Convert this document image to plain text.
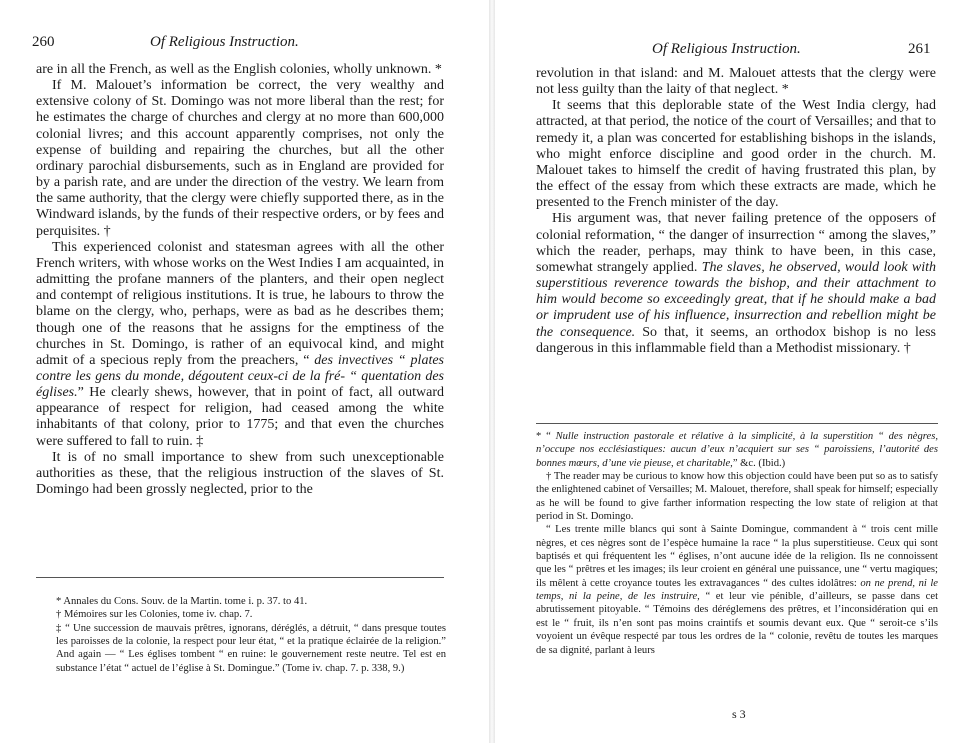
260	Of Religious Instruction.

are in all the French, as well as the English colonies, wholly unknown. *

If M. Malouet’s information be correct, the very wealthy and extensive colony of St. Domingo was not more liberal than the rest; for he estimates the charge of churches and clergy at no more than 600,000 colonial livres; and this account apparently comprises, not only the expense of building and repairing the churches, but all the other ordinary parochial disbursements, such as in England are provided for by a parish rate, and are under the direction of the vestry. We learn from the same authority, that the clergy were chiefly supported there, as in the Windward islands, by the funds of their respective orders, or by fees and perquisites. †

This experienced colonist and statesman agrees with all the other French writers, with whose works on the West Indies I am acquainted, in admitting the profane manners of the planters, and their open neglect and contempt of religious institutions. It is true, he labours to throw the blame on the clergy, who, perhaps, were as bad as he describes them; though one of the reasons that he assigns for the emptiness of the churches in St. Domingo, is rather of an equivocal kind, and might admit of a specious reply from the preachers, “ des invectives “ plates contre les gens du monde, dégoutent ceux-ci de la fré- “ quentation des églises.” He clearly shews, however, that in point of fact, all outward appearance of respect for religion, had ceased among the white inhabitants of that colony, prior to 1775; and that even the churches were suffered to fall to ruin. ‡

It is of no small importance to shew from such unexceptionable authorities as these, that the religious instruction of the slaves of St. Domingo had been grossly neglected, prior to the

* Annales du Cons. Souv. de la Martin. tome i. p. 37. to 41.

† Mémoires sur les Colonies, tome iv. chap. 7.

‡ “ Une succession de mauvais prêtres, ignorans, déréglés, a détruit, “ dans presque toutes les paroisses de la colonie, la respect pour leur état, “ et la pratique éclairée de la religion.” And again — “ Les églises tombent “ en ruine: le gouvernement reste neutre. Tel est en substance l’état “ actuel de l’église à St. Domingue.” (Tome iv. chap. 7. p. 338, 9.)

Of Religious Instruction.	261

revolution in that island: and M. Malouet attests that the clergy were not less guilty than the laity of that neglect. *

It seems that this deplorable state of the West India clergy, had attracted, at that period, the notice of the court of Versailles; and that to remedy it, a plan was concerted for establishing bishops in the islands, who might enforce discipline and good order in the church. M. Malouet takes to himself the credit of having frustrated this plan, by the effect of the essay from which these extracts are made, which he presented to the French minister of the day.

His argument was, that never failing pretence of the opposers of colonial reformation, “ the danger of insurrection “ among the slaves,” which the reader, perhaps, may think to have been, in this case, somewhat strangely applied. The slaves, he observed, would look with superstitious reverence towards the bishop, and their attachment to him would become so exceedingly great, that if he should make a bad or imprudent use of his influence, insurrection and rebellion might be the consequence. So that, it seems, an orthodox bishop is no less dangerous in this inflammable field than a Methodist missionary. †

* “ Nulle instruction pastorale et rélative à la simplicité, à la superstition “ des nègres, n’occupe nos ecclésiastiques: aucun d’eux n’acquiert sur ses “ paroissiens, l’autorité des bonnes mœurs, d’une vie pieuse, et charitable,” &c. (Ibid.)

† The reader may be curious to know how this objection could have been put so as to satisfy the enlightened cabinet of Versailles; M. Malouet, therefore, shall speak for himself; especially as he will be found to give farther information respecting the low state of religion at that period in St. Domingo.

“ Les trente mille blancs qui sont à Sainte Domingue, commandent à “ trois cent mille nègres, et ces nègres sont de l’espèce humaine la race “ la plus superstitieuse. Ceux qui sont baptisés et qui fréquentent les “ églises, n’ont aucune idée de la religion. Ils ne connoissent que les “ prêtres et les images; ils leur croient en général une puissance, une “ vertu magiques; ils mêlent à cette croyance toutes les extravagances “ des cultes idolâtres: on ne prend, ni le temps, ni la peine, de les instruire, “ et leur vie pénible, d’ailleurs, se passe dans cet abrutissement pitoyable. “ Témoins des déréglemens des prêtres, et l’inconsidération qui en est le “ fruit, ils n’en sont pas moins craintifs et soumis devant eux. Que “ seroit-ce s’ils voyoient un évêque respecté par tous les ordres de la “ colonie, revêtu de toutes les marques de sa dignité, parlant à leurs

s 3
